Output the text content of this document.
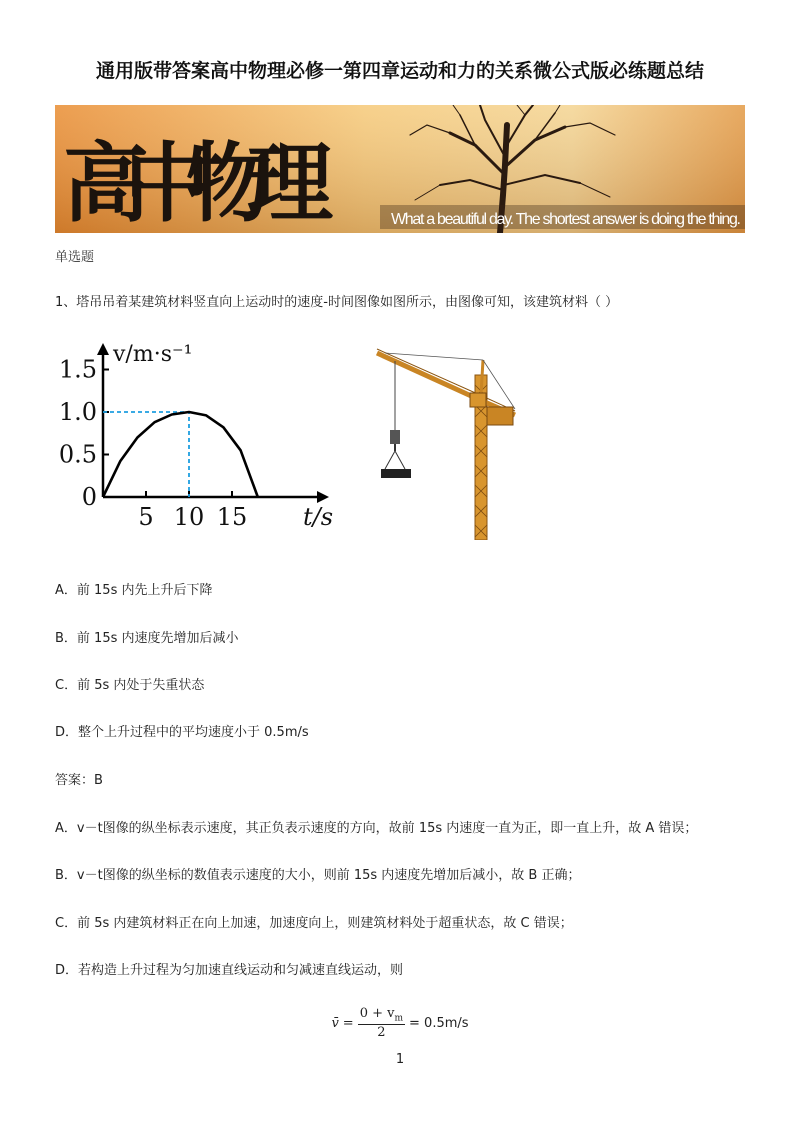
通用版带答案高中物理必修一第四章运动和力的关系微公式版必练题总结
高中物理	What a beautiful day. The shortest answer is doing the thing.
单选题
1、塔吊吊着某建筑材料竖直向上运动时的速度-时间图像如图所示，由图像可知，该建筑材料（ ）
0
0.5
1.0
1.5
5 10 15 t/s
v/m·s⁻¹
A．前 15s 内先上升后下降
B．前 15s 内速度先增加后减小
C．前 5s 内处于失重状态
D．整个上升过程中的平均速度小于 0.5m/s
答案：B
A．v－t图像的纵坐标表示速度，其正负表示速度的方向，故前 15s 内速度一直为正，即一直上升，故 A 错误；
B．v－t图像的纵坐标的数值表示速度的大小，则前 15s 内速度先增加后减小，故 B 正确；
C．前 5s 内建筑材料正在向上加速，加速度向上，则建筑材料处于超重状态，故 C 错误；
D．若构造上升过程为匀加速直线运动和匀减速直线运动，则
v̄ = $\frac{0 + v_m}{2} = 0.5m/s$
1
